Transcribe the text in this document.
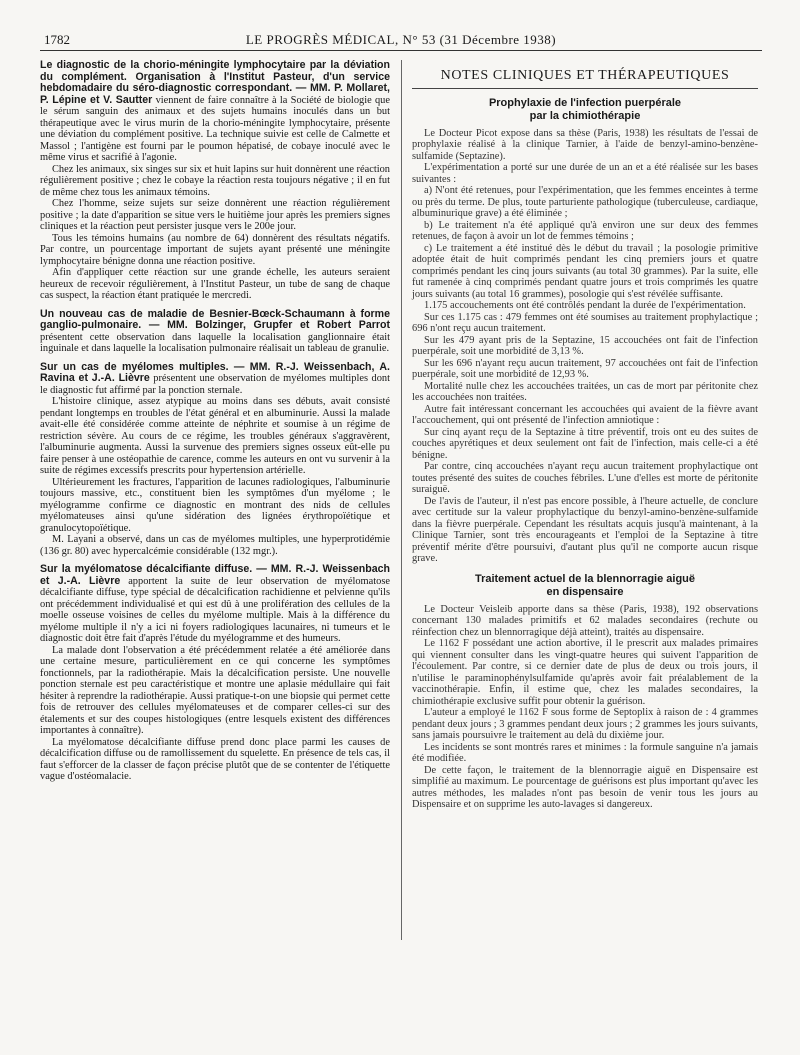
1782	LE PROGRÈS MÉDICAL, N° 53 (31 Décembre 1938)

Le diagnostic de la chorio-méningite lymphocytaire par la déviation du complément. Organisation à l'Institut Pasteur, d'un service hebdomadaire du séro-diagnostic correspondant. — MM. P. Mollaret, P. Lépine et V. Sautter viennent de faire connaître à la Société de biologie que le sérum sanguin des animaux et des sujets humains inoculés dans un but thérapeutique avec le virus murin de la chorio-méningite lymphocytaire, présente une déviation du complément positive. La technique suivie est celle de Calmette et Massol ; l'antigène est fourni par le poumon hépatisé, de cobaye inoculé avec le même virus et sacrifié à l'agonie.

Chez les animaux, six singes sur six et huit lapins sur huit donnèrent une réaction régulièrement positive ; chez le cobaye la réaction resta toujours négative ; il en fut de même chez tous les animaux témoins.

Chez l'homme, seize sujets sur seize donnèrent une réaction régulièrement positive ; la date d'apparition se situe vers le huitième jour après les premiers signes cliniques et la réaction peut persister jusque vers le 200e jour.

Tous les témoins humains (au nombre de 64) donnèrent des résultats négatifs. Par contre, un pourcentage important de sujets ayant présenté une méningite lymphocytaire bénigne donna une réaction positive.

Afin d'appliquer cette réaction sur une grande échelle, les auteurs seraient heureux de recevoir régulièrement, à l'Institut Pasteur, un tube de sang de chaque cas suspect, la réaction étant pratiquée le mercredi.

Un nouveau cas de maladie de Besnier-Bœck-Schaumann à forme ganglio-pulmonaire. — MM. Bolzinger, Grupfer et Robert Parrot présentent cette observation dans laquelle la localisation ganglionnaire était inguinale et dans laquelle la localisation pulmonaire réalisait un tableau de granulie.

Sur un cas de myélomes multiples. — MM. R.-J. Weissenbach, A. Ravina et J.-A. Lièvre présentent une observation de myélomes multiples dont le diagnostic fut affirmé par la ponction sternale.

L'histoire clinique, assez atypique au moins dans ses débuts, avait consisté pendant longtemps en troubles de l'état général et en albuminurie. Aussi la malade avait-elle été considérée comme atteinte de néphrite et soumise à un régime de restriction sévère. Au cours de ce régime, les troubles généraux s'aggravèrent, l'albuminurie augmenta. Aussi la survenue des premiers signes osseux eût-elle pu faire penser à une ostéopathie de carence, comme les auteurs en ont vu survenir à la suite de régimes excessifs prescrits pour hypertension artérielle.

Ultérieurement les fractures, l'apparition de lacunes radiologiques, l'albuminurie toujours massive, etc., constituent bien les symptômes d'un myélome ; le myélogramme confirme ce diagnostic en montrant des nids de cellules myélomateuses ainsi qu'une sidération des lignées érythropoïétique et granulocytopoïétique.

M. Layani a observé, dans un cas de myélomes multiples, une hyperprotidémie (136 gr. 80) avec hypercalcémie considérable (132 mgr.).

Sur la myélomatose décalcifiante diffuse. — MM. R.-J. Weissenbach et J.-A. Lièvre apportent la suite de leur observation de myélomatose décalcifiante diffuse, type spécial de décalcification rachidienne et pelvienne qu'ils ont précédemment individualisé et qui est dû à une prolifération des cellules de la moelle osseuse voisines de celles du myélome multiple. Mais à la différence du myélome multiple il n'y a ici ni foyers radiologiques lacunaires, ni tumeurs et le diagnostic doit être fait d'après l'étude du myélogramme et des humeurs.

La malade dont l'observation a été précédemment relatée a été améliorée dans une certaine mesure, particulièrement en ce qui concerne les symptômes fonctionnels, par la radiothérapie. Mais la décalcification persiste. Une nouvelle ponction sternale est peu caractéristique et montre une aplasie médullaire qui fait hésiter à reprendre la radiothérapie. Aussi pratique-t-on une biopsie qui permet cette fois de retrouver des cellules myélomateuses et de comparer celles-ci sur des étalements et sur des coupes histologiques (entre lesquels existent des différences importantes à connaître).

La myélomatose décalcifiante diffuse prend donc place parmi les causes de décalcification diffuse ou de ramollissement du squelette. En présence de tels cas, il faut s'efforcer de la classer de façon précise plutôt que de se contenter de l'étiquette vague d'ostéomalacie.

NOTES CLINIQUES ET THÉRAPEUTIQUES
Prophylaxie de l'infection puerpérale
par la chimiothérapie

Le Docteur Picot expose dans sa thèse (Paris, 1938) les résultats de l'essai de prophylaxie réalisé à la clinique Tarnier, à l'aide de benzyl-amino-benzène-sulfamide (Septazine).

L'expérimentation a porté sur une durée de un an et a été réalisée sur les bases suivantes :

a) N'ont été retenues, pour l'expérimentation, que les femmes enceintes à terme ou près du terme. De plus, toute parturiente pathologique (tuberculeuse, cardiaque, albuminurique grave) a été éliminée ;

b) Le traitement n'a été appliqué qu'à environ une sur deux des femmes retenues, de façon à avoir un lot de femmes témoins ;

c) Le traitement a été institué dès le début du travail ; la posologie primitive adoptée était de huit comprimés pendant les cinq premiers jours et quatre comprimés pendant les cinq jours suivants (au total 30 grammes). Par la suite, elle fut ramenée à cinq comprimés pendant quatre jours et trois comprimés les quatre jours suivants (au total 16 grammes), posologie qui s'est révélée suffisante.

1.175 accouchements ont été contrôlés pendant la durée de l'expérimentation.

Sur ces 1.175 cas : 479 femmes ont été soumises au traitement prophylactique ; 696 n'ont reçu aucun traitement.

Sur les 479 ayant pris de la Septazine, 15 accouchées ont fait de l'infection puerpérale, soit une morbidité de 3,13 %.

Sur les 696 n'ayant reçu aucun traitement, 97 accouchées ont fait de l'infection puerpérale, soit une morbidité de 12,93 %.

Mortalité nulle chez les accouchées traitées, un cas de mort par péritonite chez les accouchées non traitées.

Autre fait intéressant concernant les accouchées qui avaient de la fièvre avant l'accouchement, qui ont présenté de l'infection amniotique :

Sur cinq ayant reçu de la Septazine à titre préventif, trois ont eu des suites de couches apyrétiques et deux seulement ont fait de l'infection, mais celle-ci a été bénigne.

Par contre, cinq accouchées n'ayant reçu aucun traitement prophylactique ont toutes présenté des suites de couches fébriles. L'une d'elles est morte de péritonite suraiguë.

De l'avis de l'auteur, il n'est pas encore possible, à l'heure actuelle, de conclure avec certitude sur la valeur prophylactique du benzyl-amino-benzène-sulfamide dans la fièvre puerpérale. Cependant les résultats acquis jusqu'à maintenant, à la Clinique Tarnier, sont très encourageants et l'emploi de la Septazine à titre préventif mérite d'être poursuivi, d'autant plus qu'il ne comporte aucun risque grave.

Traitement actuel de la blennorragie aiguë
en dispensaire

Le Docteur Veisleib apporte dans sa thèse (Paris, 1938), 192 observations concernant 130 malades primitifs et 62 malades secondaires (rechute ou réinfection chez un blennorragique déjà atteint), traités au dispensaire.

Le 1162 F possédant une action abortive, il le prescrit aux malades primaires qui viennent consulter dans les vingt-quatre heures qui suivent l'apparition de l'écoulement. Par contre, si ce dernier date de plus de deux ou trois jours, il n'utilise le paraminophénylsulfamide qu'après avoir fait préalablement de la vaccinothérapie. Enfin, il estime que, chez les malades secondaires, la chimiothérapie exclusive suffit pour obtenir la guérison.

L'auteur a employé le 1162 F sous forme de Septoplix à raison de : 4 grammes pendant deux jours ; 3 grammes pendant deux jours ; 2 grammes les jours suivants, sans jamais poursuivre le traitement au delà du dixième jour.

Les incidents se sont montrés rares et minimes : la formule sanguine n'a jamais été modifiée.

De cette façon, le traitement de la blennorragie aiguë en Dispensaire est simplifié au maximum. Le pourcentage de guérisons est plus important qu'avec les autres méthodes, les malades n'ont pas besoin de venir tous les jours au Dispensaire et on supprime les auto-lavages si dangereux.
